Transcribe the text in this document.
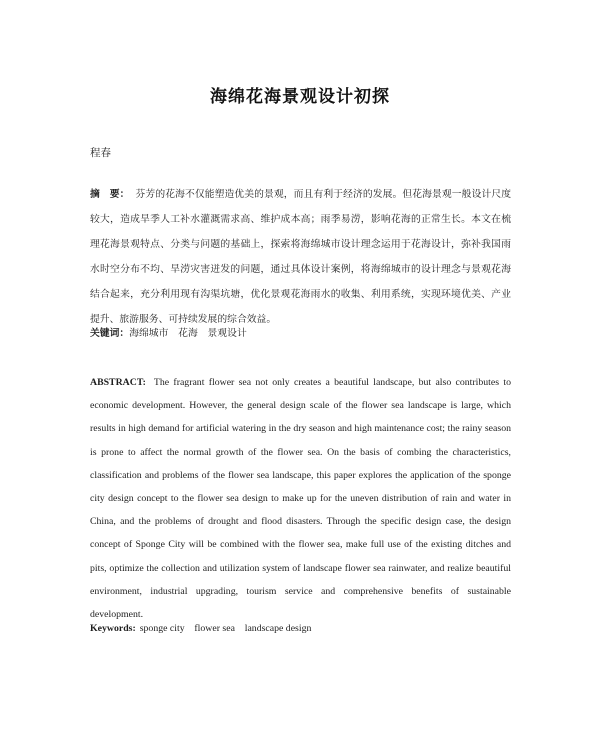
海绵花海景观设计初探
程春
摘　要： 芬芳的花海不仅能塑造优美的景观，而且有利于经济的发展。但花海景观一般设计尺度较大，造成旱季人工补水灌溉需求高、维护成本高；雨季易涝，影响花海的正常生长。本文在梳理花海景观特点、分类与问题的基础上，探索将海绵城市设计理念运用于花海设计，弥补我国雨水时空分布不均、旱涝灾害迸发的问题，通过具体设计案例，将海绵城市的设计理念与景观花海结合起来，充分利用现有沟渠坑塘，优化景观花海雨水的收集、利用系统，实现环境优美、产业提升、旅游服务、可持续发展的综合效益。
关键词：海绵城市　花海　景观设计
ABSTRACT: The fragrant flower sea not only creates a beautiful landscape, but also contributes to economic development. However, the general design scale of the flower sea landscape is large, which results in high demand for artificial watering in the dry season and high maintenance cost; the rainy season is prone to affect the normal growth of the flower sea. On the basis of combing the characteristics, classification and problems of the flower sea landscape, this paper explores the application of the sponge city design concept to the flower sea design to make up for the uneven distribution of rain and water in China, and the problems of drought and flood disasters. Through the specific design case, the design concept of Sponge City will be combined with the flower sea, make full use of the existing ditches and pits, optimize the collection and utilization system of landscape flower sea rainwater, and realize beautiful environment, industrial upgrading, tourism service and comprehensive benefits of sustainable development.
Keywords: sponge city　flower sea　landscape design
